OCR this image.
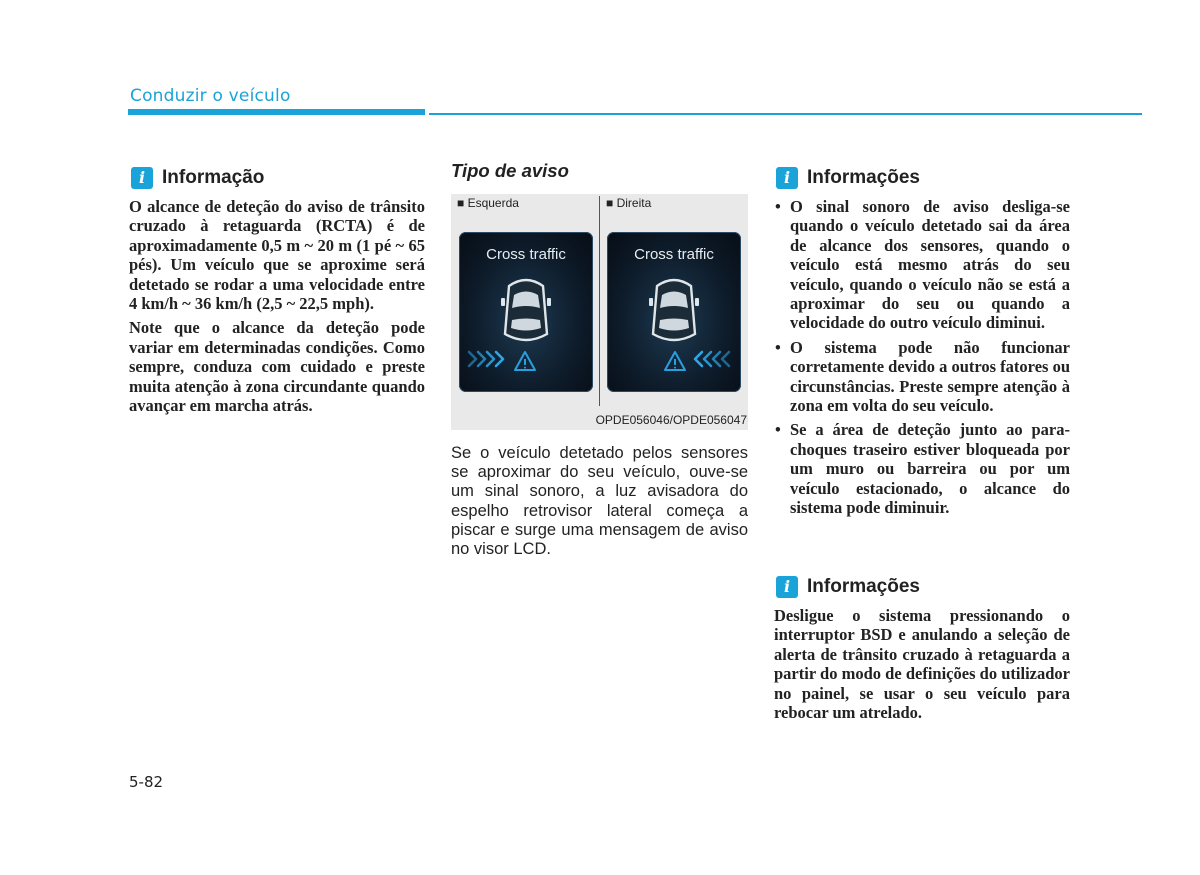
Conduzir o veículo
i Informação

O alcance de deteção do aviso de trânsito cruzado à retaguarda (RCTA) é de aproximadamente 0,5 m ~ 20 m (1 pé ~ 65 pés). Um veículo que se aproxime será detetado se rodar a uma velocidade entre 4 km/h ~ 36 km/h (2,5 ~ 22,5 mph).

Note que o alcance da deteção pode variar em determinadas condições. Como sempre, conduza com cuidado e preste muita atenção à zona circundante quando avançar em marcha atrás.

Tipo de aviso
■ Esquerda	■ Direita
Cross traffic	Cross traffic
OPDE056046/OPDE056047

Se o veículo detetado pelos sensores se aproximar do seu veículo, ouve-se um sinal sonoro, a luz avisadora do espelho retrovisor lateral começa a piscar e surge uma mensagem de aviso no visor LCD.

i Informações
• O sinal sonoro de aviso desliga-se quando o veículo detetado sai da área de alcance dos sensores, quando o veículo está mesmo atrás do seu veículo, quando o veículo não se está a aproximar do seu ou quando a velocidade do outro veículo diminui.
• O sistema pode não funcionar corretamente devido a outros fatores ou circunstâncias. Preste sempre atenção à zona em volta do seu veículo.
• Se a área de deteção junto ao para-choques traseiro estiver bloqueada por um muro ou barreira ou por um veículo estacionado, o alcance do sistema pode diminuir.
i Informações

Desligue o sistema pressionando o interruptor BSD e anulando a seleção de alerta de trânsito cruzado à retaguarda a partir do modo de definições do utilizador no painel, se usar o seu veículo para rebocar um atrelado.

5-82
